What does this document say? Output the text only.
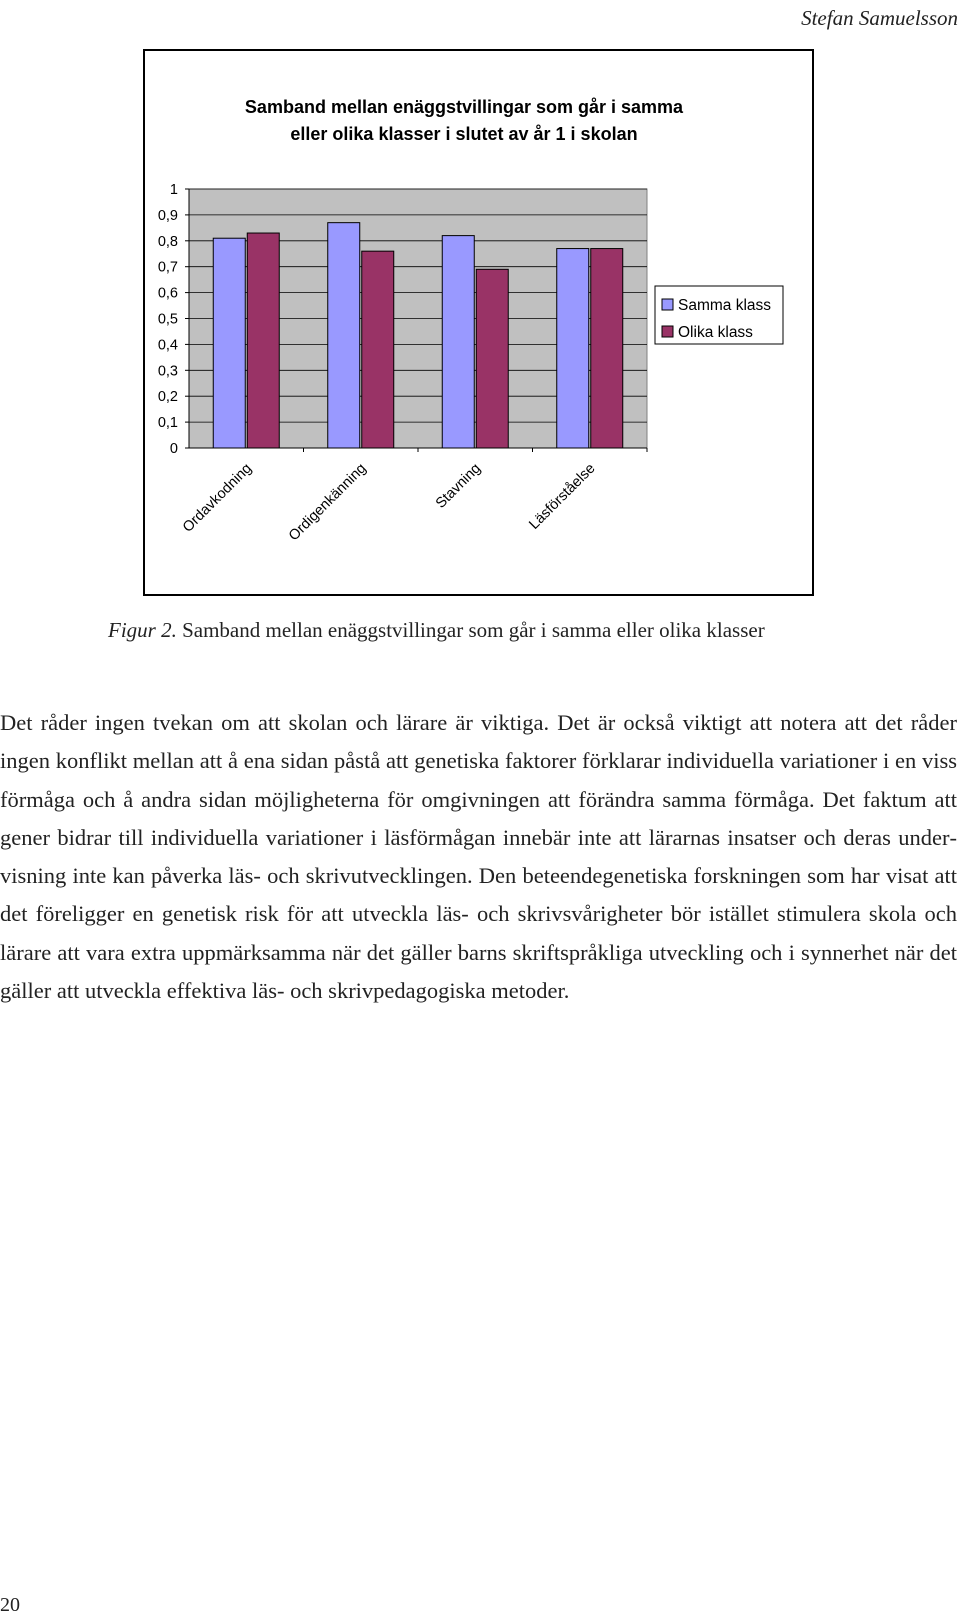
Stefan Samuelsson
Samband mellan enäggstvillingar som går i samma
eller olika klasser i slutet av år 1 i skolan
0
0,1
0,2
0,3
0,4
0,5
0,6
0,7
0,8
0,9
1
Ordavkodning Ordigenkänning	Stavning	Läsförståelse
Samma klass
Olika klass
Figur 2. Samband mellan enäggstvillingar som går i samma eller olika klasser

Det råder ingen tvekan om att skolan och lärare är viktiga. Det är också viktigt att notera att det råder ingen konflikt mellan att å ena sidan påstå att genetiska faktorer förklarar individuella variationer i en viss förmåga och å andra sidan möjligheterna för omgivningen att förändra samma förmåga. Det faktum att gener bidrar till individuella variationer i läsförmågan innebär inte att lärarnas insatser och deras undervisning inte kan påverka läs- och skrivutvecklingen. Den beteendegenetiska forskningen som har visat att det föreligger en genetisk risk för att utveckla läs- och skrivsvårigheter bör istället stimulera skola och lärare att vara extra uppmärksamma när det gäller barns skriftspråkliga utveckling och i synnerhet när det gäller att utveckla effektiva läs- och skrivpedagogiska metoder.

20
